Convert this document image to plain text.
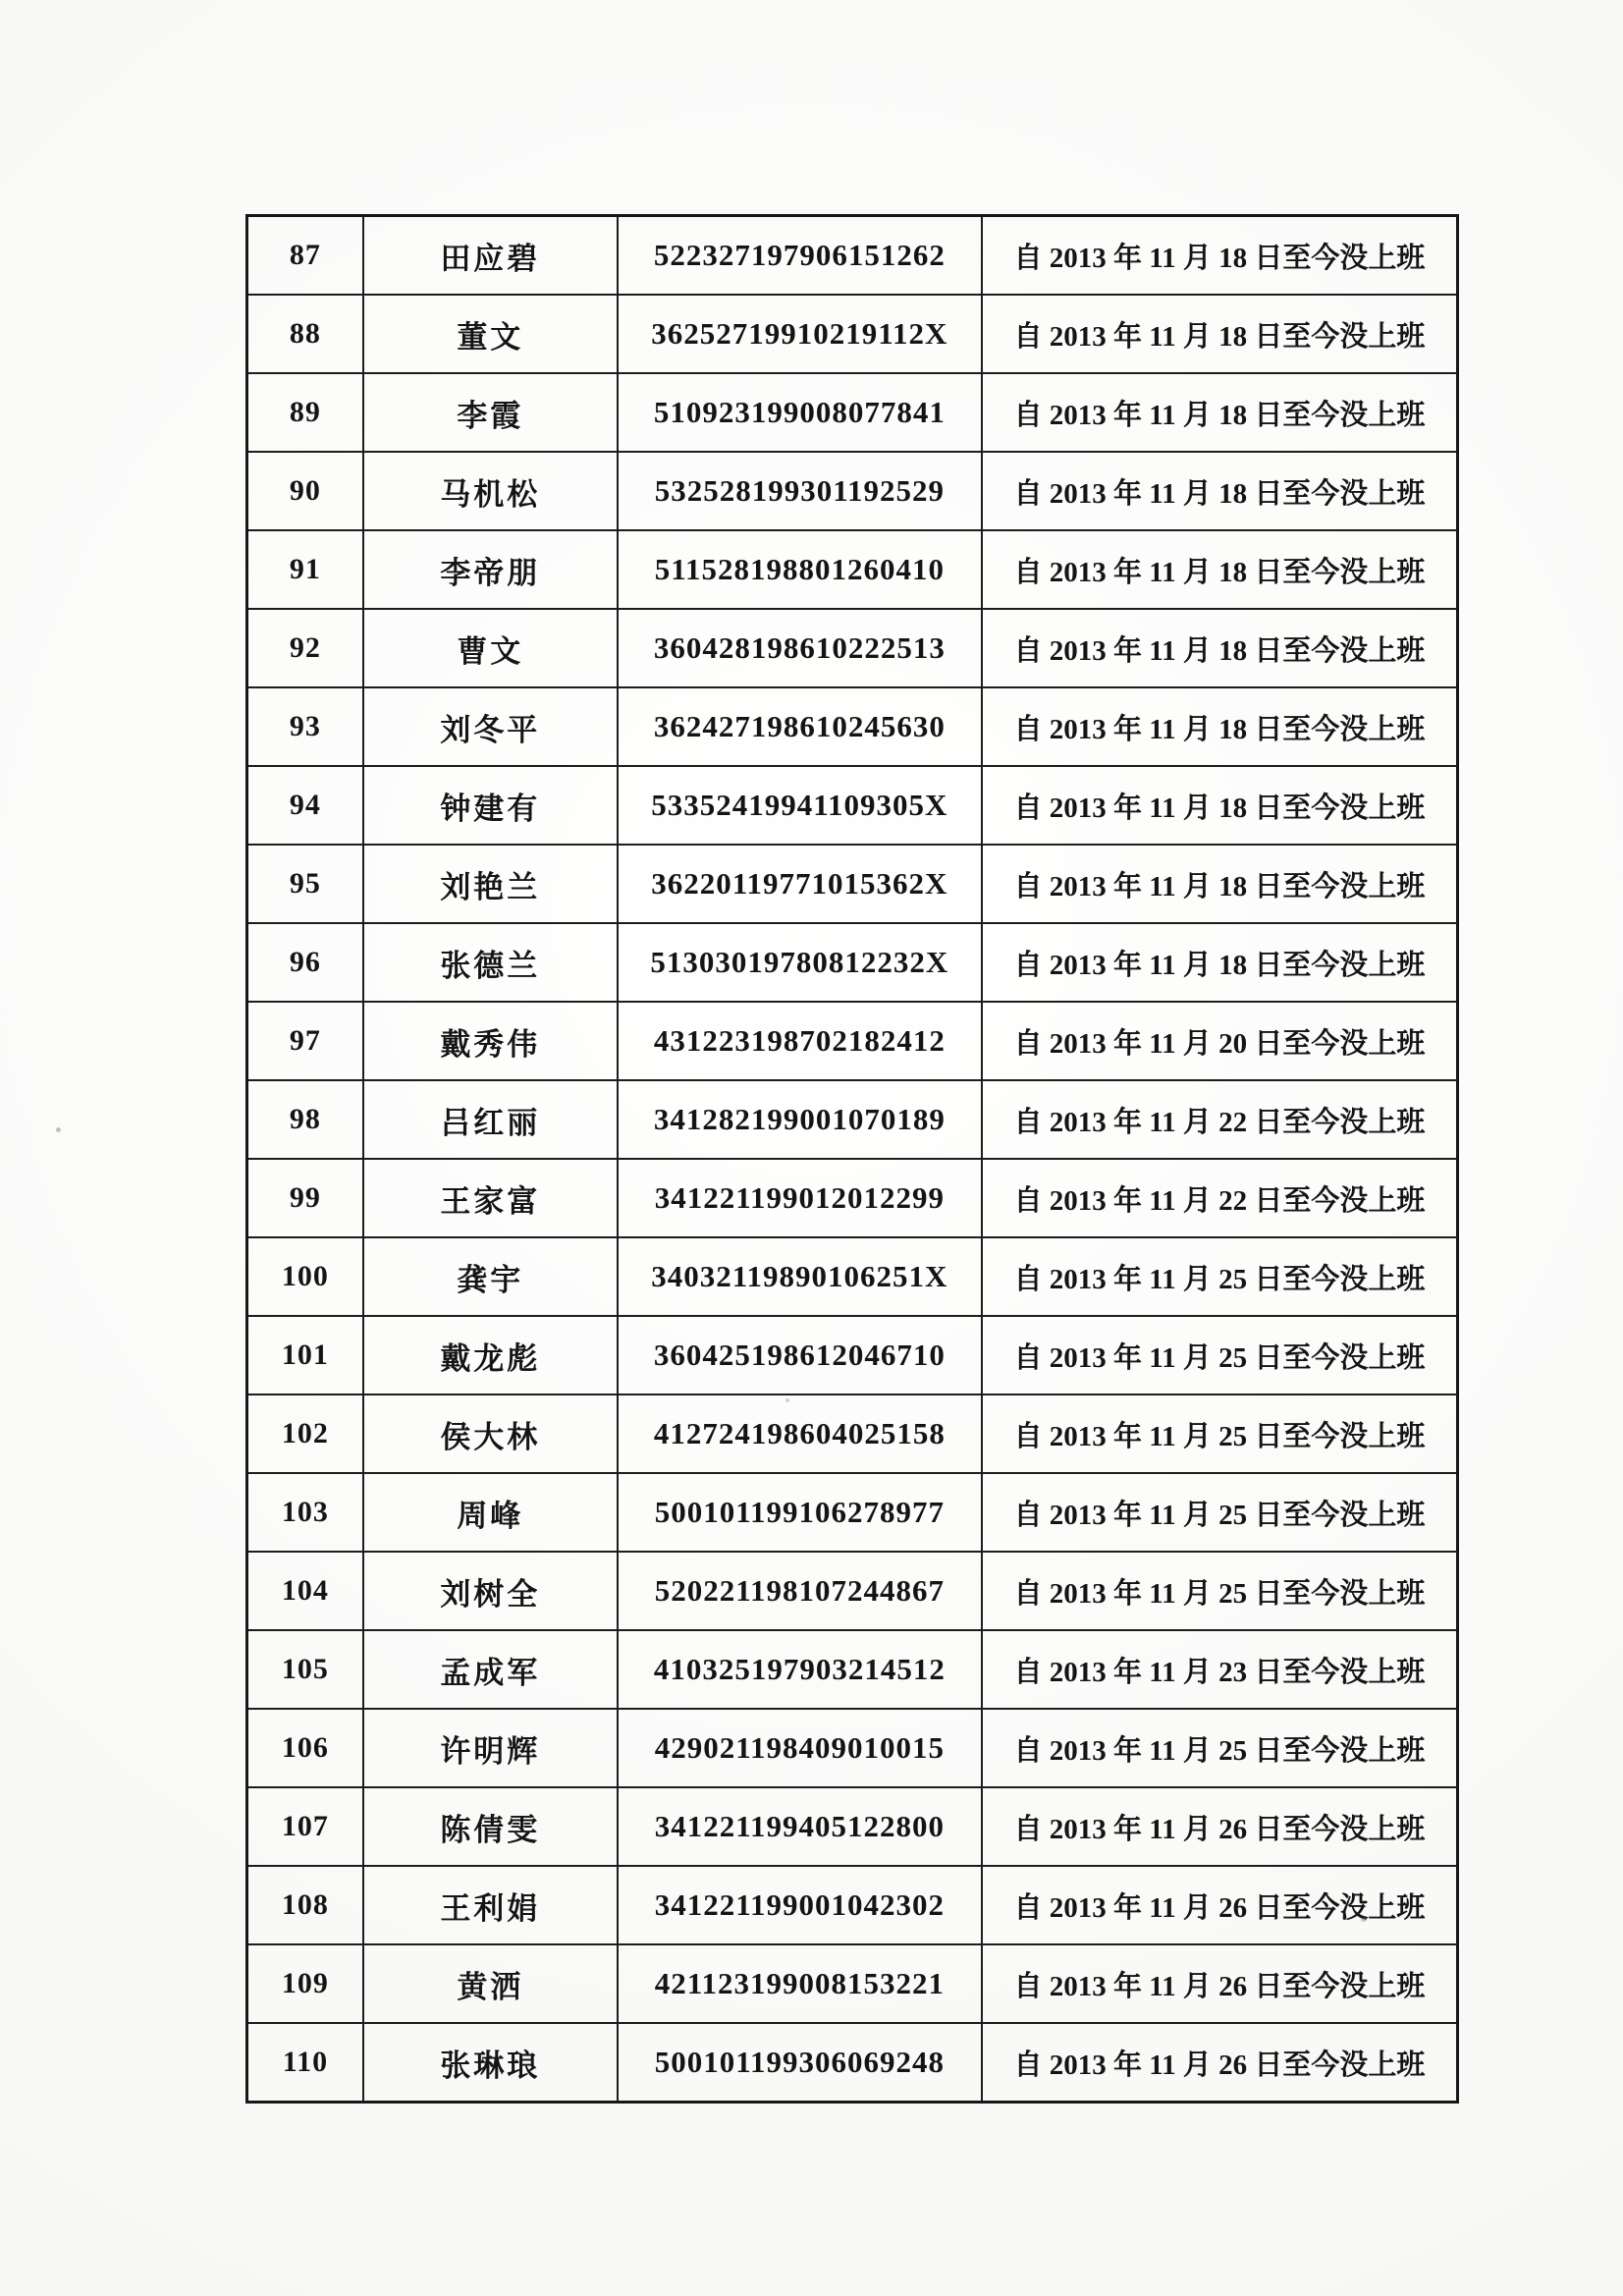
87	田应碧	522327197906151262	自 2013 年 11 月 18 日至今没上班
88	董文	36252719910219112X	自 2013 年 11 月 18 日至今没上班
89	李霞	510923199008077841	自 2013 年 11 月 18 日至今没上班
90	马机松	532528199301192529	自 2013 年 11 月 18 日至今没上班
91	李帝朋	511528198801260410	自 2013 年 11 月 18 日至今没上班
92	曹文	360428198610222513	自 2013 年 11 月 18 日至今没上班
93	刘冬平	362427198610245630	自 2013 年 11 月 18 日至今没上班
94	钟建有	53352419941109305X	自 2013 年 11 月 18 日至今没上班
95	刘艳兰	36220119771015362X	自 2013 年 11 月 18 日至今没上班
96	张德兰	51303019780812232X	自 2013 年 11 月 18 日至今没上班
97	戴秀伟	431223198702182412	自 2013 年 11 月 20 日至今没上班
98	吕红丽	341282199001070189	自 2013 年 11 月 22 日至今没上班
99	王家富	341221199012012299	自 2013 年 11 月 22 日至今没上班
100	龚宇	34032119890106251X	自 2013 年 11 月 25 日至今没上班
101	戴龙彪	360425198612046710	自 2013 年 11 月 25 日至今没上班
102	侯大林	412724198604025158	自 2013 年 11 月 25 日至今没上班
103	周峰	500101199106278977	自 2013 年 11 月 25 日至今没上班
104	刘树全	520221198107244867	自 2013 年 11 月 25 日至今没上班
105	孟成军	410325197903214512	自 2013 年 11 月 23 日至今没上班
106	许明辉	429021198409010015	自 2013 年 11 月 25 日至今没上班
107	陈倩雯	341221199405122800	自 2013 年 11 月 26 日至今没上班
108	王利娟	341221199001042302	自 2013 年 11 月 26 日至今没上班
109	黄洒	421123199008153221	自 2013 年 11 月 26 日至今没上班
110	张琳琅	500101199306069248	自 2013 年 11 月 26 日至今没上班
